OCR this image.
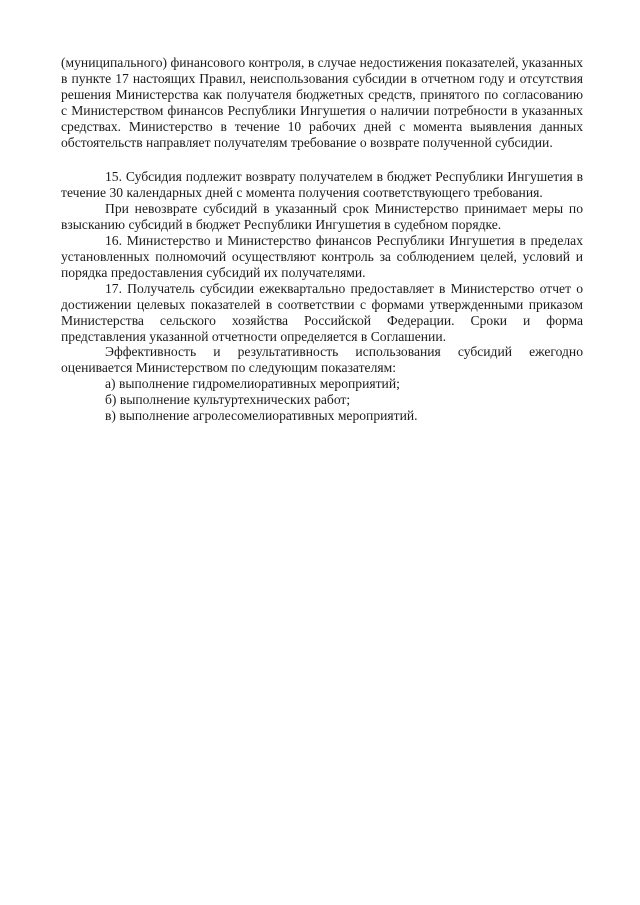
(муниципального) финансового контроля, в случае недостижения показателей, указанных в пункте 17 настоящих Правил, неиспользования субсидии в отчетном году и отсутствия решения Министерства как получателя бюджетных средств, принятого по согласованию с Министерством финансов Республики Ингушетия о наличии потребности в указанных средствах. Министерство в течение 10 рабочих дней с момента выявления данных обстоятельств направляет получателям требование о возврате полученной субсидии.

15. Субсидия подлежит возврату получателем в бюджет Республики Ингушетия в течение 30 календарных дней с момента получения соответствующего требования.

При невозврате субсидий в указанный срок Министерство принимает меры по взысканию субсидий в бюджет Республики Ингушетия в судебном порядке.

16. Министерство и Министерство финансов Республики Ингушетия в пределах установленных полномочий осуществляют контроль за соблюдением целей, условий и порядка предоставления субсидий их получателями.

17. Получатель субсидии ежеквартально предоставляет в Министерство отчет о достижении целевых показателей в соответствии с формами утвержденными приказом Министерства сельского хозяйства Российской Федерации. Сроки и форма представления указанной отчетности определяется в Соглашении.

Эффективность и результативность использования субсидий ежегодно оценивается Министерством по следующим показателям:

а) выполнение гидромелиоративных мероприятий;

б) выполнение культуртехнических работ;

в) выполнение агролесомелиоративных мероприятий.
